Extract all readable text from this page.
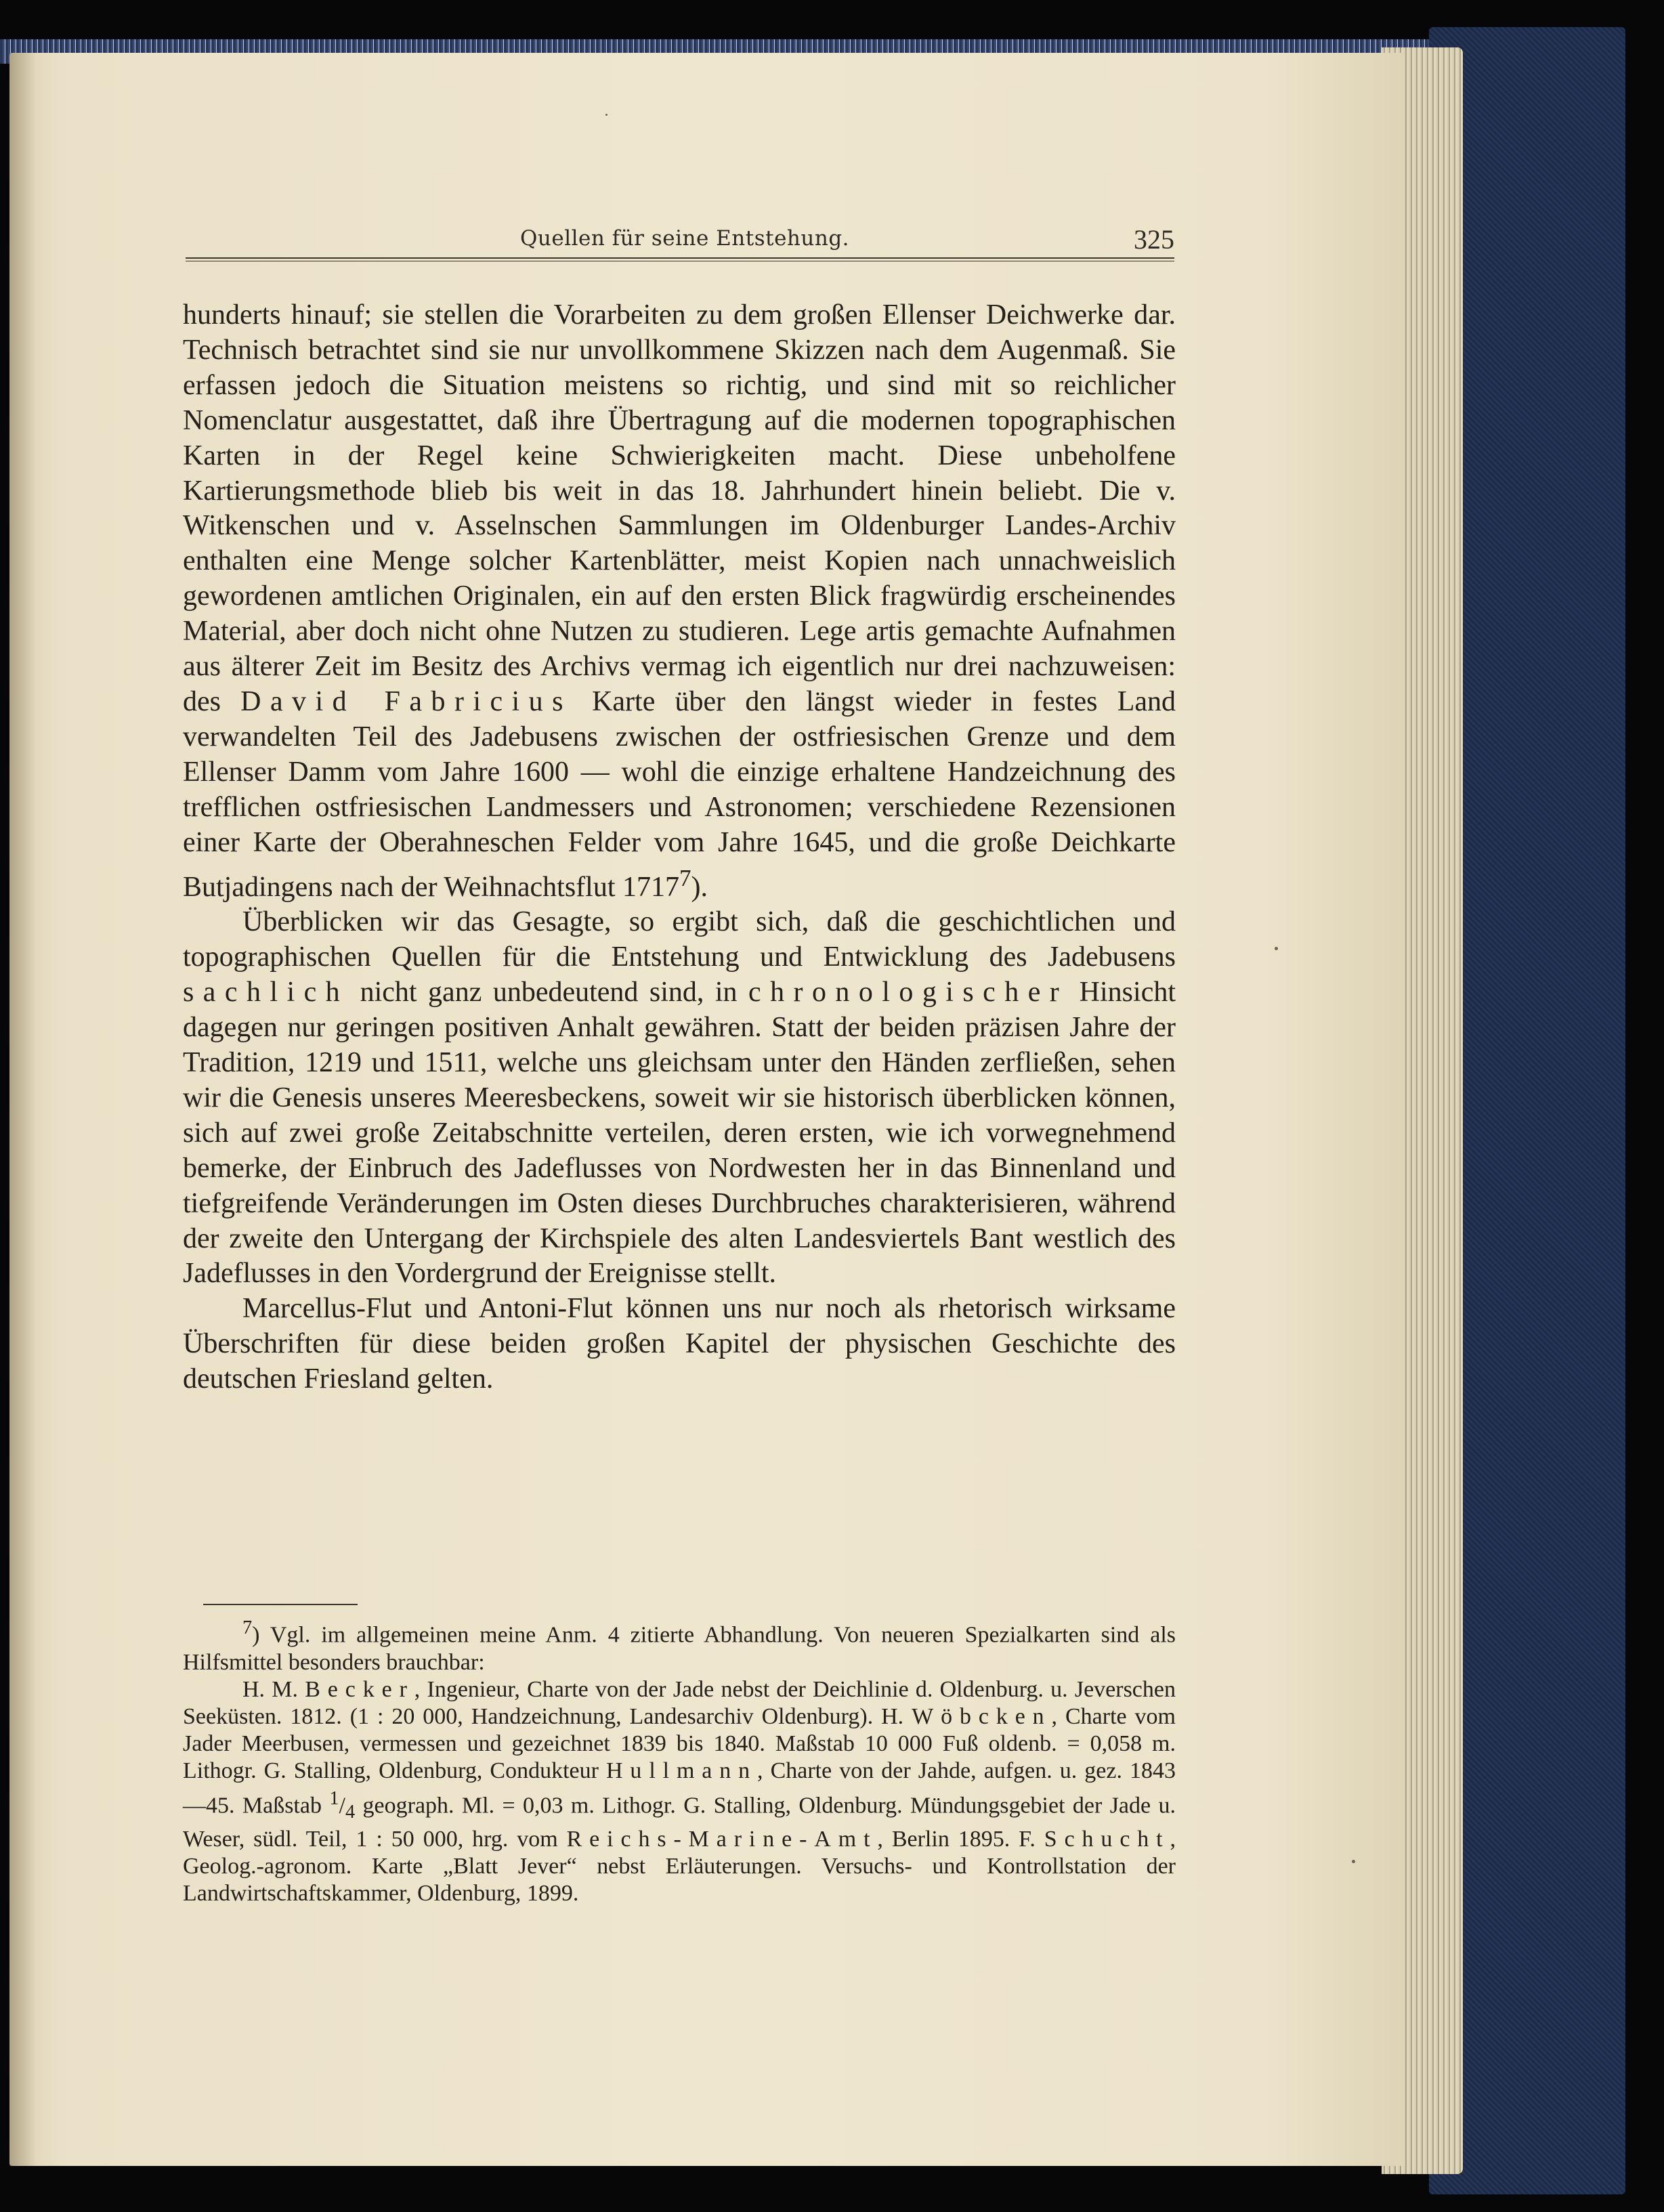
Quellen für seine Entstehung.	325

hunderts hinauf; sie stellen die Vorarbeiten zu dem großen Ellenser Deichwerke dar. Technisch betrachtet sind sie nur unvollkommene Skizzen nach dem Augenmaß. Sie erfassen jedoch die Situation meistens so richtig, und sind mit so reichlicher Nomenclatur ausgestattet, daß ihre Übertragung auf die modernen topographischen Karten in der Regel keine Schwierigkeiten macht. Diese unbeholfene Kartierungsmethode blieb bis weit in das 18. Jahrhundert hinein beliebt. Die v. Witkenschen und v. Asselnschen Sammlungen im Oldenburger Landes-Archiv enthalten eine Menge solcher Kartenblätter, meist Kopien nach unnachweislich gewordenen amtlichen Originalen, ein auf den ersten Blick fragwürdig erscheinendes Material, aber doch nicht ohne Nutzen zu studieren. Lege artis gemachte Aufnahmen aus älterer Zeit im Besitz des Archivs vermag ich eigentlich nur drei nachzuweisen: des David Fabricius Karte über den längst wieder in festes Land verwandelten Teil des Jadebusens zwischen der ostfriesischen Grenze und dem Ellenser Damm vom Jahre 1600 — wohl die einzige erhaltene Handzeichnung des trefflichen ostfriesischen Landmessers und Astronomen; verschiedene Rezensionen einer Karte der Oberahneschen Felder vom Jahre 1645, und die große Deichkarte Butjadingens nach der Weihnachtsflut 1717$^7$).

Überblicken wir das Gesagte, so ergibt sich, daß die geschichtlichen und topographischen Quellen für die Entstehung und Entwicklung des Jadebusens sachlich nicht ganz unbedeutend sind, in chronologischer Hinsicht dagegen nur geringen positiven Anhalt gewähren. Statt der beiden präzisen Jahre der Tradition, 1219 und 1511, welche uns gleichsam unter den Händen zerfließen, sehen wir die Genesis unseres Meeresbeckens, soweit wir sie historisch überblicken können, sich auf zwei große Zeitabschnitte verteilen, deren ersten, wie ich vorwegnehmend bemerke, der Einbruch des Jadeflusses von Nordwesten her in das Binnenland und tiefgreifende Veränderungen im Osten dieses Durchbruches charakterisieren, während der zweite den Untergang der Kirchspiele des alten Landesviertels Bant westlich des Jadeflusses in den Vordergrund der Ereignisse stellt.

Marcellus-Flut und Antoni-Flut können uns nur noch als rhetorisch wirksame Überschriften für diese beiden großen Kapitel der physischen Geschichte des deutschen Friesland gelten.

$^7$) Vgl. im allgemeinen meine Anm. 4 zitierte Abhandlung. Von neueren Spezialkarten sind als Hilfsmittel besonders brauchbar:

H. M. Becker, Ingenieur, Charte von der Jade nebst der Deichlinie d. Oldenburg. u. Jeverschen Seeküsten. 1812. (1 : 20 000, Handzeichnung, Landesarchiv Oldenburg). H. Wöbcken, Charte vom Jader Meerbusen, vermessen und gezeichnet 1839 bis 1840. Maßstab 10 000 Fuß oldenb. = 0,058 m. Lithogr. G. Stalling, Oldenburg, Condukteur Hullmann, Charte von der Jahde, aufgen. u. gez. 1843—45. Maßstab $^1/_4$ geograph. Ml. = 0,03 m. Lithogr. G. Stalling, Oldenburg. Mündungsgebiet der Jade u. Weser, südl. Teil, 1 : 50 000, hrg. vom Reichs-Marine-Amt, Berlin 1895. F. Schucht, Geolog.-agronom. Karte „Blatt Jever“ nebst Erläuterungen. Versuchs- und Kontrollstation der Landwirtschaftskammer, Oldenburg, 1899.
